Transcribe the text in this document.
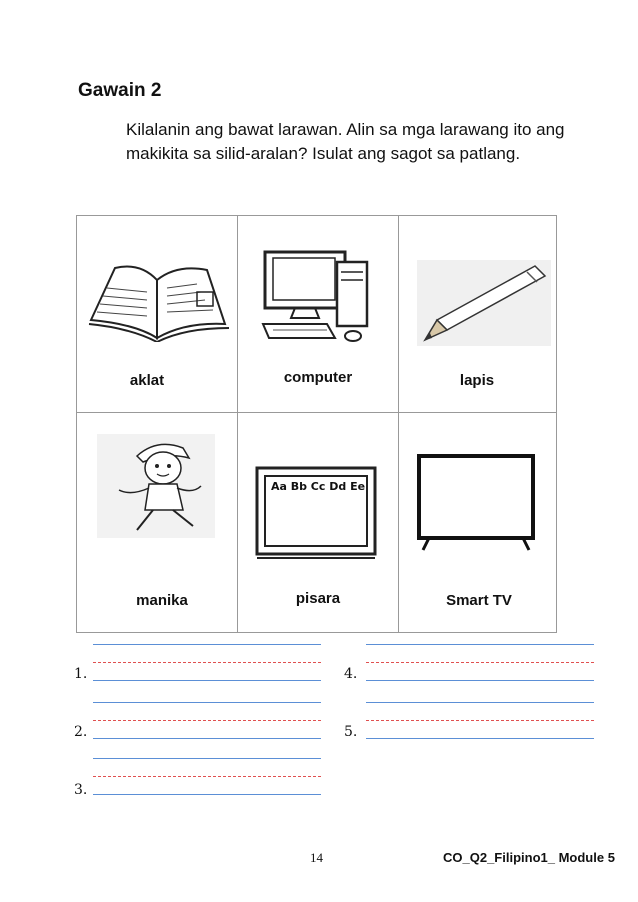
Gawain 2
Kilalanin ang bawat larawan. Alin sa mga larawang ito ang makikita sa silid-aralan? Isulat ang sagot sa patlang.
aklat	computer	lapis
manika
Aa Bb Cc Dd Ee
pisara	Smart TV
1.
2.
3.
4.
5.
14	CO_Q2_Filipino1_ Module 5
